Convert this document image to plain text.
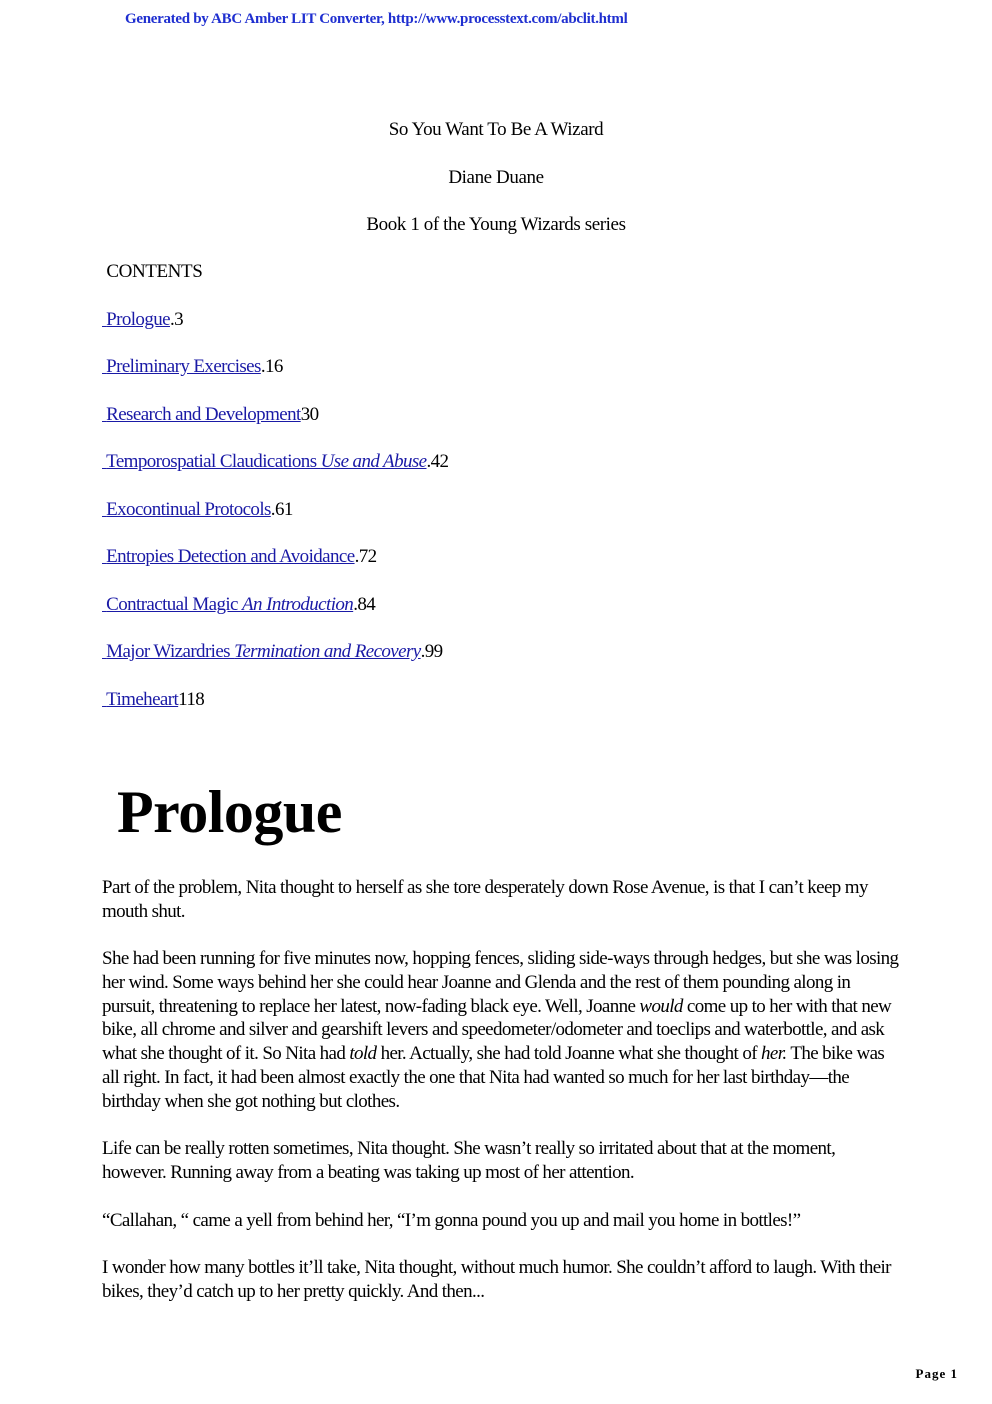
Generated by ABC Amber LIT Converter, http://www.processtext.com/abclit.html
So You Want To Be A Wizard
Diane Duane
Book 1 of the Young Wizards series
CONTENTS
Prologue.3
Preliminary Exercises.16
Research and Development30
Temporospatial Claudications Use and Abuse.42
Exocontinual Protocols.61
Entropies Detection and Avoidance.72
Contractual Magic An Introduction.84
Major Wizardries Termination and Recovery.99
Timeheart118
Prologue

Part of the problem, Nita thought to herself as she tore desperately down Rose Avenue, is that I can’t keep my mouth shut.

She had been running for five minutes now, hopping fences, sliding side-ways through hedges, but she was losing her wind. Some ways behind her she could hear Joanne and Glenda and the rest of them pounding along in pursuit, threatening to replace her latest, now-fading black eye. Well, Joanne would come up to her with that new bike, all chrome and silver and gearshift levers and speedometer/odometer and toeclips and waterbottle, and ask what she thought of it. So Nita had told her. Actually, she had told Joanne what she thought of her. The bike was all right. In fact, it had been almost exactly the one that Nita had wanted so much for her last birthday—the birthday when she got nothing but clothes.

Life can be really rotten sometimes, Nita thought. She wasn’t really so irritated about that at the moment, however. Running away from a beating was taking up most of her attention.

“Callahan, “ came a yell from behind her, “I’m gonna pound you up and mail you home in bottles!”

I wonder how many bottles it’ll take, Nita thought, without much humor. She couldn’t afford to laugh. With their bikes, they’d catch up to her pretty quickly. And then...

Page 1
